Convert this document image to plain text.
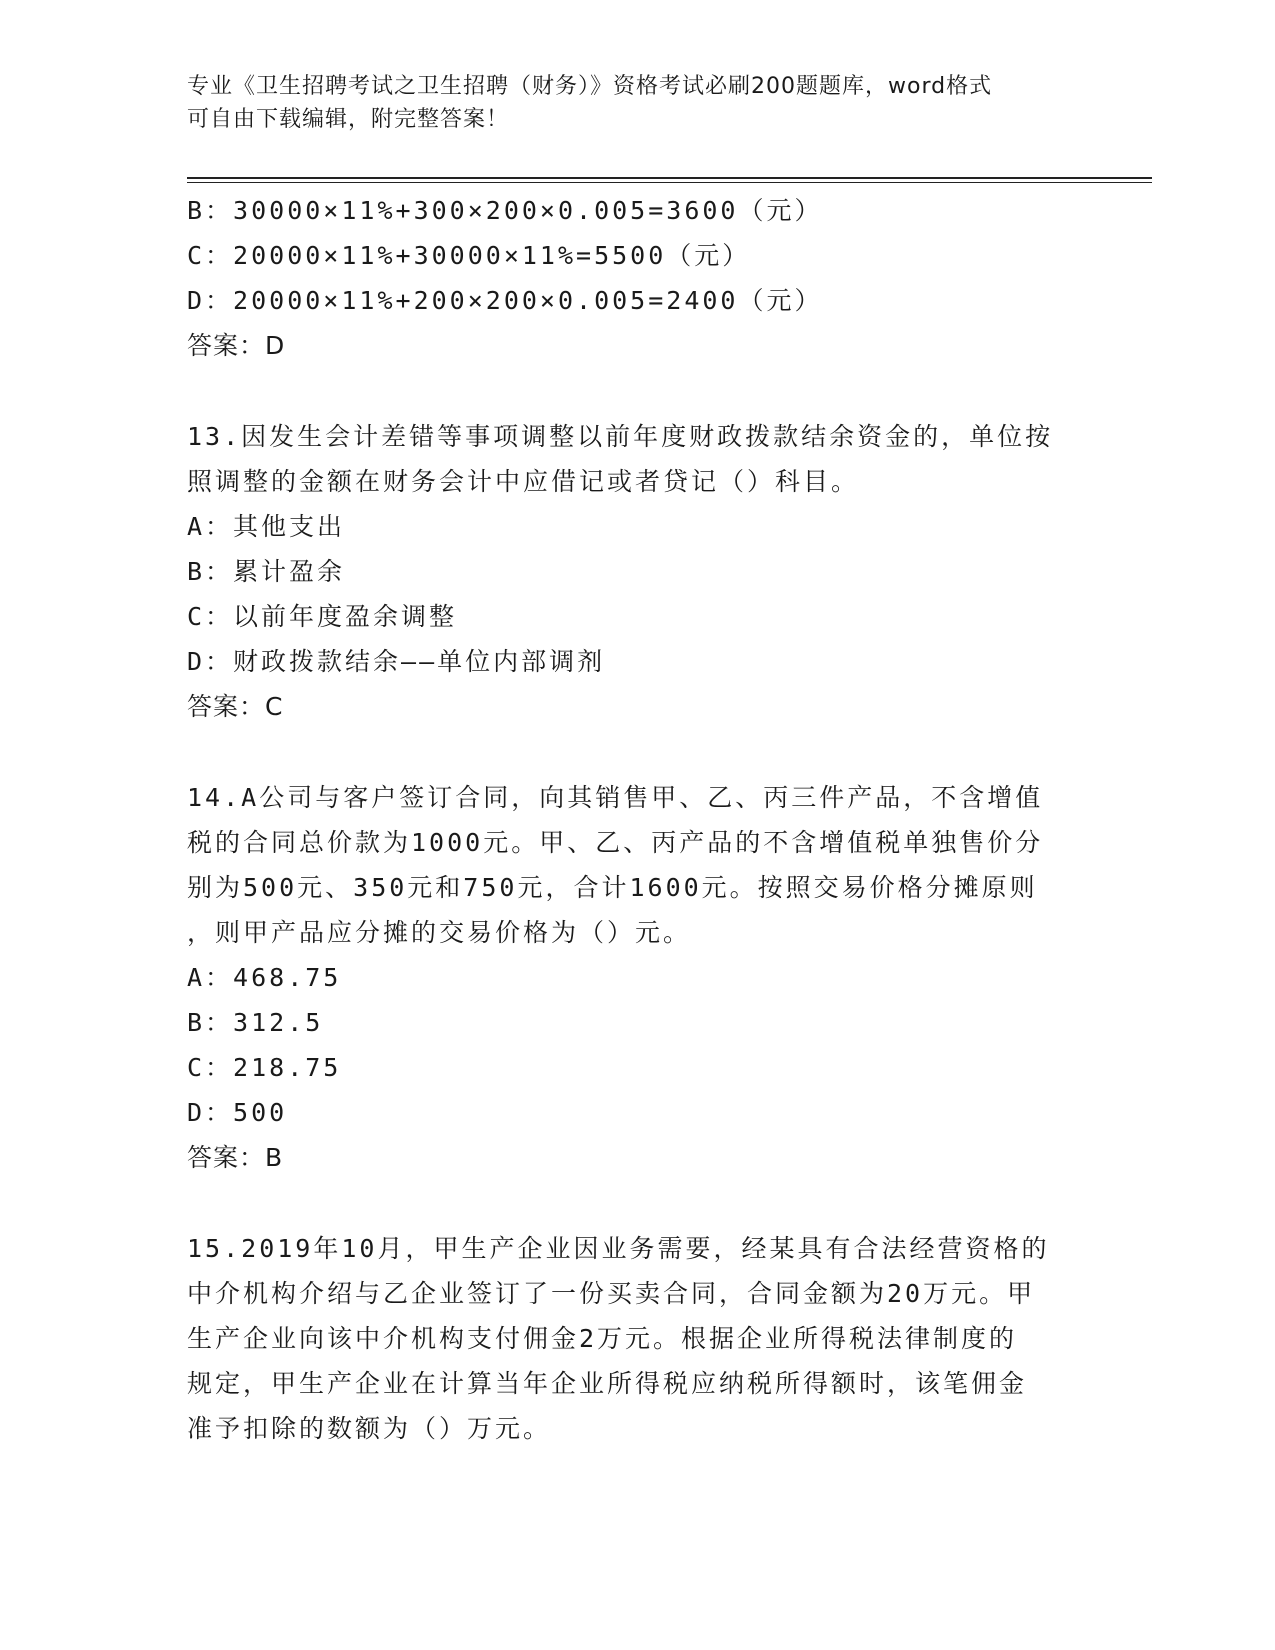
专业《卫生招聘考试之卫生招聘（财务）》资格考试必刷200题题库，word格式
可自由下载编辑，附完整答案！
B：30000×11%+300×200×0.005=3600（元）
C：20000×11%+30000×11%=5500（元）
D：20000×11%+200×200×0.005=2400（元）
答案：D
13.因发生会计差错等事项调整以前年度财政拨款结余资金的，单位按
照调整的金额在财务会计中应借记或者贷记（）科目。
A：其他支出
B：累计盈余
C：以前年度盈余调整
D：财政拨款结余——单位内部调剂
答案：C
14.A公司与客户签订合同，向其销售甲、乙、丙三件产品，不含增值
税的合同总价款为1000元。甲、乙、丙产品的不含增值税单独售价分
别为500元、350元和750元，合计1600元。按照交易价格分摊原则
，则甲产品应分摊的交易价格为（）元。
A：468.75
B：312.5
C：218.75
D：500
答案：B
15.2019年10月，甲生产企业因业务需要，经某具有合法经营资格的
中介机构介绍与乙企业签订了一份买卖合同，合同金额为20万元。甲
生产企业向该中介机构支付佣金2万元。根据企业所得税法律制度的
规定，甲生产企业在计算当年企业所得税应纳税所得额时，该笔佣金
准予扣除的数额为（）万元。
